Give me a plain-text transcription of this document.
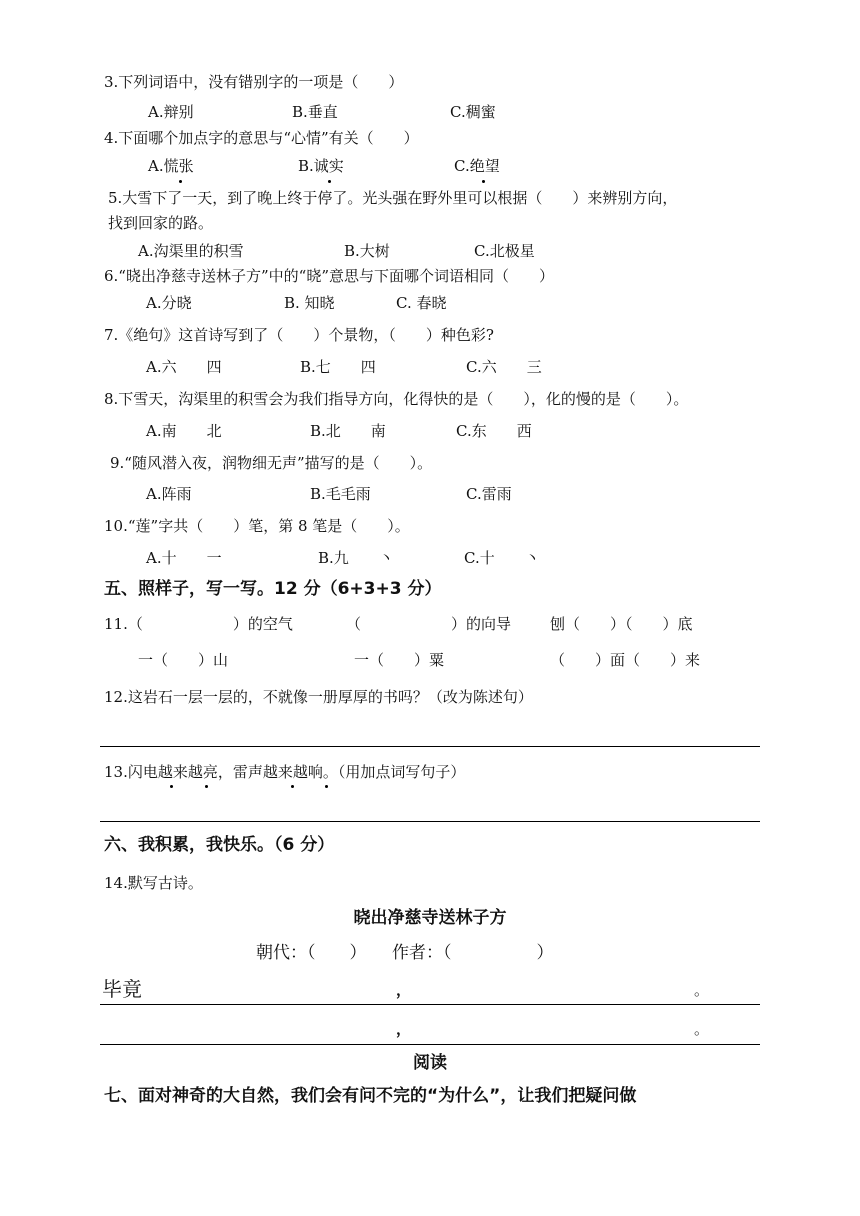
3.下列词语中，没有错别字的一项是（　　）
A.辩别	B.垂直	C.稠蜜
4.下面哪个加点字的意思与“心情”有关（　　）
A.慌张	B.诚实	C.绝望
5.大雪下了一天，到了晚上终于停了。光头强在野外里可以根据（　　）来辨别方向，
找到回家的路。
A.沟渠里的积雪	B.大树	C.北极星
6.“晓出净慈寺送林子方”中的“晓”意思与下面哪个词语相同（　　）
A.分晓	B. 知晓	C. 春晓
7.《绝句》这首诗写到了（　　）个景物，（　　）种色彩?
A.六　　四	B.七　　四	C.六　　三
8.下雪天，沟渠里的积雪会为我们指导方向，化得快的是（　　），化的慢的是（　　）。
A.南　　北	B.北　　南	C.东　　西
9.“随风潜入夜，润物细无声”描写的是（　　）。
A.阵雨	B.毛毛雨	C.雷雨
10.“莲”字共（　　）笔，第 8 笔是（　　）。
A.十　　一	B.九　　丶	C.十　　丶
五、照样子，写一写。12 分（6+3+3 分）
11.（　　　　　　）的空气	（　　　　　　）的向导	刨（　　）（　　）底
一（　　）山	一（　　）粟	（　　）面（　　）来
12.这岩石一层一层的，不就像一册厚厚的书吗？（改为陈述句）
13.闪电越来越亮，雷声越来越响。（用加点词写句子）
六、我积累，我快乐。（6 分）
14.默写古诗。
晓出净慈寺送林子方
朝代：（　　）　　作者：（　　　　　）
毕竟	，	。
，	。
阅读
七、面对神奇的大自然，我们会有问不完的“为什么”，让我们把疑问做
